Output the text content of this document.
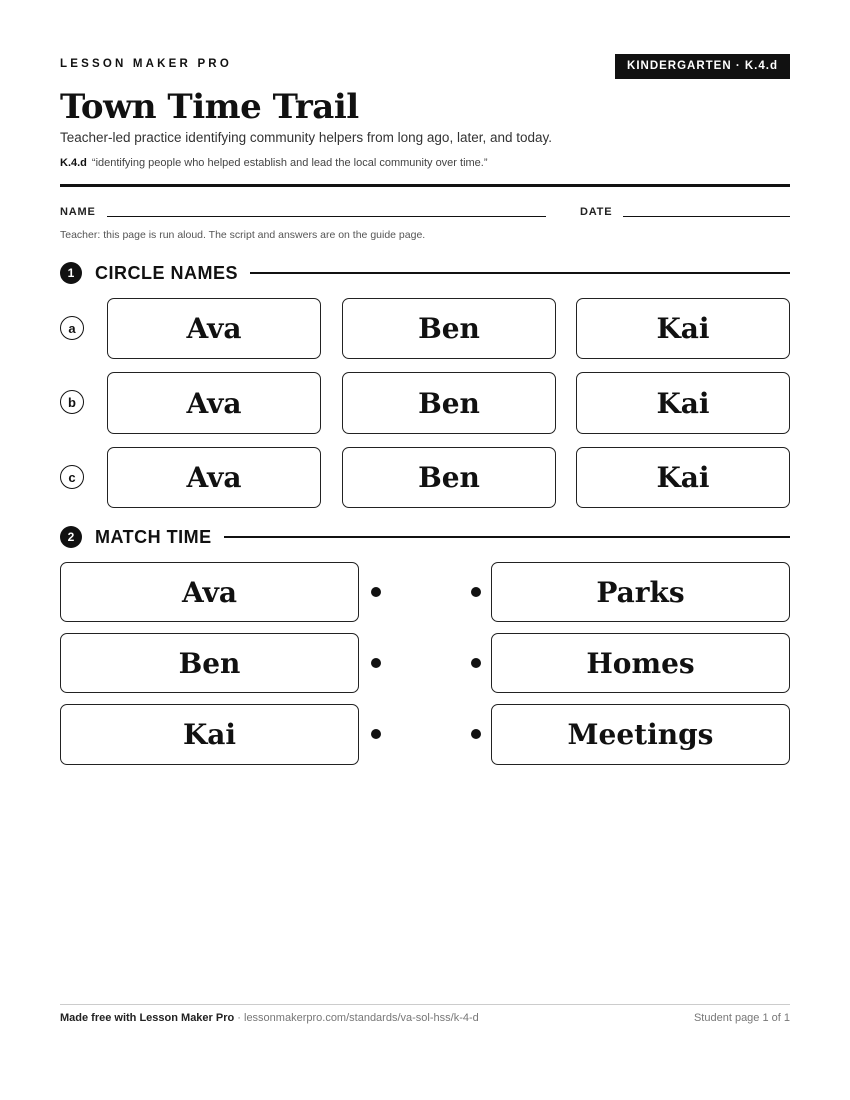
LESSON MAKER PRO	KINDERGARTEN · K.4.d
Town Time Trail
Teacher-led practice identifying community helpers from long ago, later, and today.
K.4.d “identifying people who helped establish and lead the local community over time.”
NAME	DATE
Teacher: this page is run aloud. The script and answers are on the guide page.
1	CIRCLE NAMES
a	Ava	Ben	Kai
b	Ava	Ben	Kai
c	Ava	Ben	Kai
2	MATCH TIME
Ava	Parks
Ben	Homes
Kai	Meetings
Made free with Lesson Maker Pro · lessonmakerpro.com/standards/va-sol-hss/k-4-d	Student page 1 of 1
